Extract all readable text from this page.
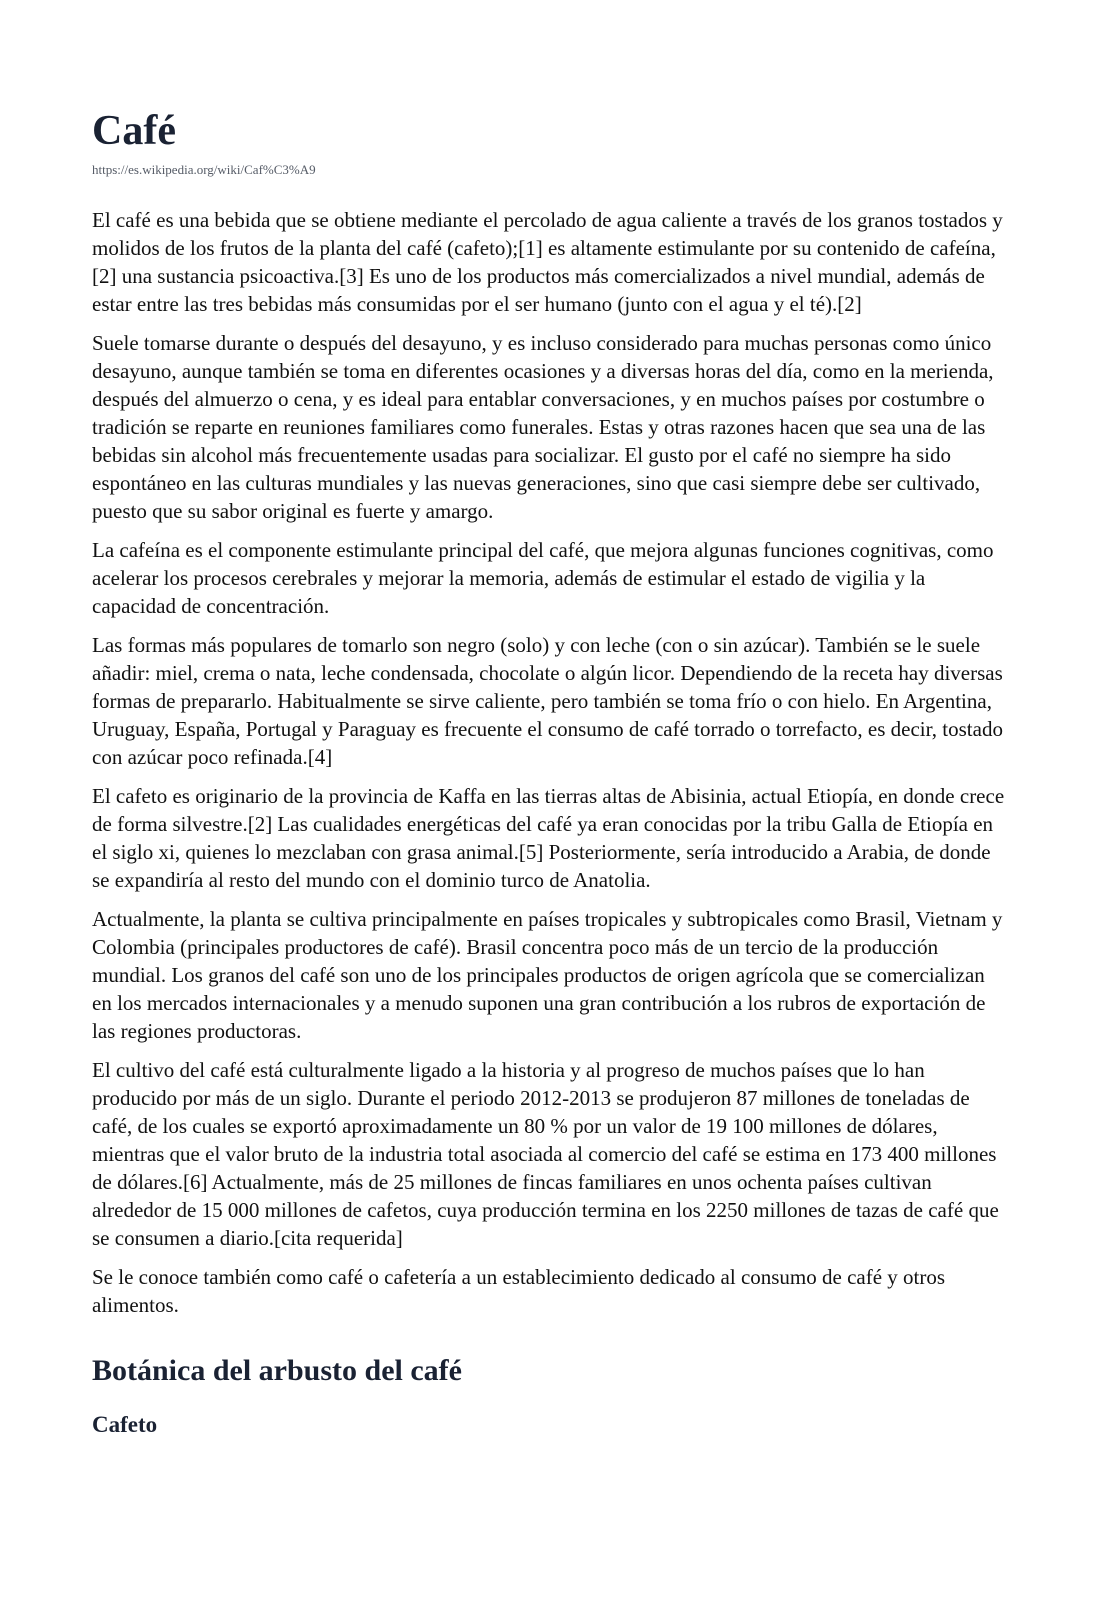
Café
https://es.wikipedia.org/wiki/Caf%C3%A9

El café es una bebida que se obtiene mediante el percolado de agua caliente a través de los granos tostados y molidos de los frutos de la planta del café (cafeto);[1] es altamente estimulante por su contenido de cafeína,[2] una sustancia psicoactiva.[3] Es uno de los productos más comercializados a nivel mundial, además de estar entre las tres bebidas más consumidas por el ser humano (junto con el agua y el té).[2]

Suele tomarse durante o después del desayuno, y es incluso considerado para muchas personas como único desayuno, aunque también se toma en diferentes ocasiones y a diversas horas del día, como en la merienda, después del almuerzo o cena, y es ideal para entablar conversaciones, y en muchos países por costumbre o tradición se reparte en reuniones familiares como funerales. Estas y otras razones hacen que sea una de las bebidas sin alcohol más frecuentemente usadas para socializar. El gusto por el café no siempre ha sido espontáneo en las culturas mundiales y las nuevas generaciones, sino que casi siempre debe ser cultivado, puesto que su sabor original es fuerte y amargo.

La cafeína es el componente estimulante principal del café, que mejora algunas funciones cognitivas, como acelerar los procesos cerebrales y mejorar la memoria, además de estimular el estado de vigilia y la capacidad de concentración.

Las formas más populares de tomarlo son negro (solo) y con leche (con o sin azúcar). También se le suele añadir: miel, crema o nata, leche condensada, chocolate o algún licor. Dependiendo de la receta hay diversas formas de prepararlo. Habitualmente se sirve caliente, pero también se toma frío o con hielo. En Argentina, Uruguay, España, Portugal y Paraguay es frecuente el consumo de café torrado o torrefacto, es decir, tostado con azúcar poco refinada.[4]

El cafeto es originario de la provincia de Kaffa en las tierras altas de Abisinia, actual Etiopía, en donde crece de forma silvestre.[2] Las cualidades energéticas del café ya eran conocidas por la tribu Galla de Etiopía en el siglo xi, quienes lo mezclaban con grasa animal.[5] Posteriormente, sería introducido a Arabia, de donde se expandiría al resto del mundo con el dominio turco de Anatolia.

Actualmente, la planta se cultiva principalmente en países tropicales y subtropicales como Brasil, Vietnam y Colombia (principales productores de café). Brasil concentra poco más de un tercio de la producción mundial. Los granos del café son uno de los principales productos de origen agrícola que se comercializan en los mercados internacionales y a menudo suponen una gran contribución a los rubros de exportación de las regiones productoras.

El cultivo del café está culturalmente ligado a la historia y al progreso de muchos países que lo han producido por más de un siglo. Durante el periodo 2012-2013 se produjeron 87 millones de toneladas de café, de los cuales se exportó aproximadamente un 80 % por un valor de 19 100 millones de dólares, mientras que el valor bruto de la industria total asociada al comercio del café se estima en 173 400 millones de dólares.[6] Actualmente, más de 25 millones de fincas familiares en unos ochenta países cultivan alrededor de 15 000 millones de cafetos, cuya producción termina en los 2250 millones de tazas de café que se consumen a diario.[cita requerida]

Se le conoce también como café o cafetería a un establecimiento dedicado al consumo de café y otros alimentos.

Botánica del arbusto del café
Cafeto
